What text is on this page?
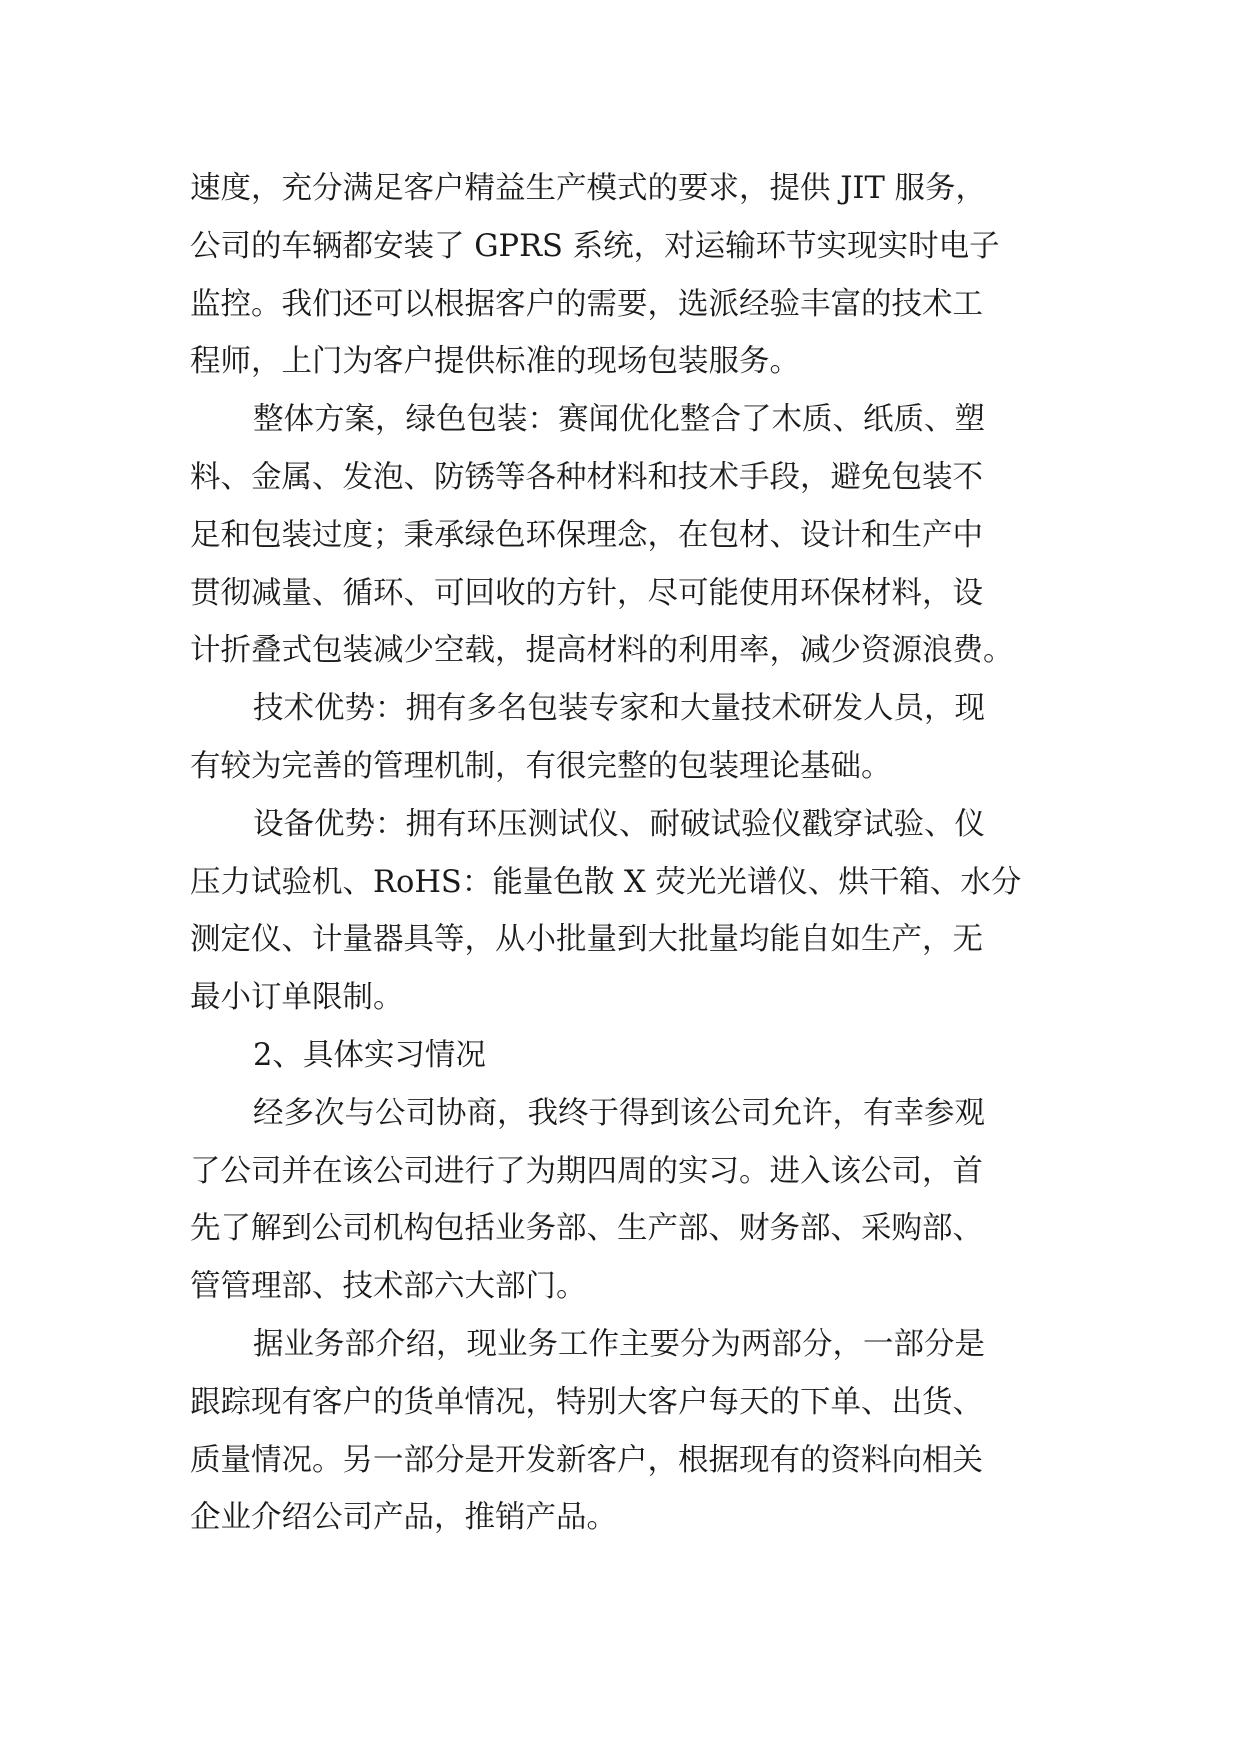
速度，充分满足客户精益生产模式的要求，提供 JIT 服务，
公司的车辆都安装了 GPRS 系统，对运输环节实现实时电子
监控。我们还可以根据客户的需要，选派经验丰富的技术工
程师，上门为客户提供标准的现场包装服务。
整体方案，绿色包装：赛闻优化整合了木质、纸质、塑
料、金属、发泡、防锈等各种材料和技术手段，避免包装不
足和包装过度；秉承绿色环保理念，在包材、设计和生产中
贯彻减量、循环、可回收的方针，尽可能使用环保材料，设
计折叠式包装减少空载，提高材料的利用率，减少资源浪费。
技术优势：拥有多名包装专家和大量技术研发人员，现
有较为完善的管理机制，有很完整的包装理论基础。
设备优势：拥有环压测试仪、耐破试验仪戳穿试验、仪
压力试验机、RoHS：能量色散 X 荧光光谱仪、烘干箱、水分
测定仪、计量器具等，从小批量到大批量均能自如生产，无
最小订单限制。
2、具体实习情况
经多次与公司协商，我终于得到该公司允许，有幸参观
了公司并在该公司进行了为期四周的实习。进入该公司，首
先了解到公司机构包括业务部、生产部、财务部、采购部、
管管理部、技术部六大部门。
据业务部介绍，现业务工作主要分为两部分，一部分是
跟踪现有客户的货单情况，特别大客户每天的下单、出货、
质量情况。另一部分是开发新客户，根据现有的资料向相关
企业介绍公司产品，推销产品。
